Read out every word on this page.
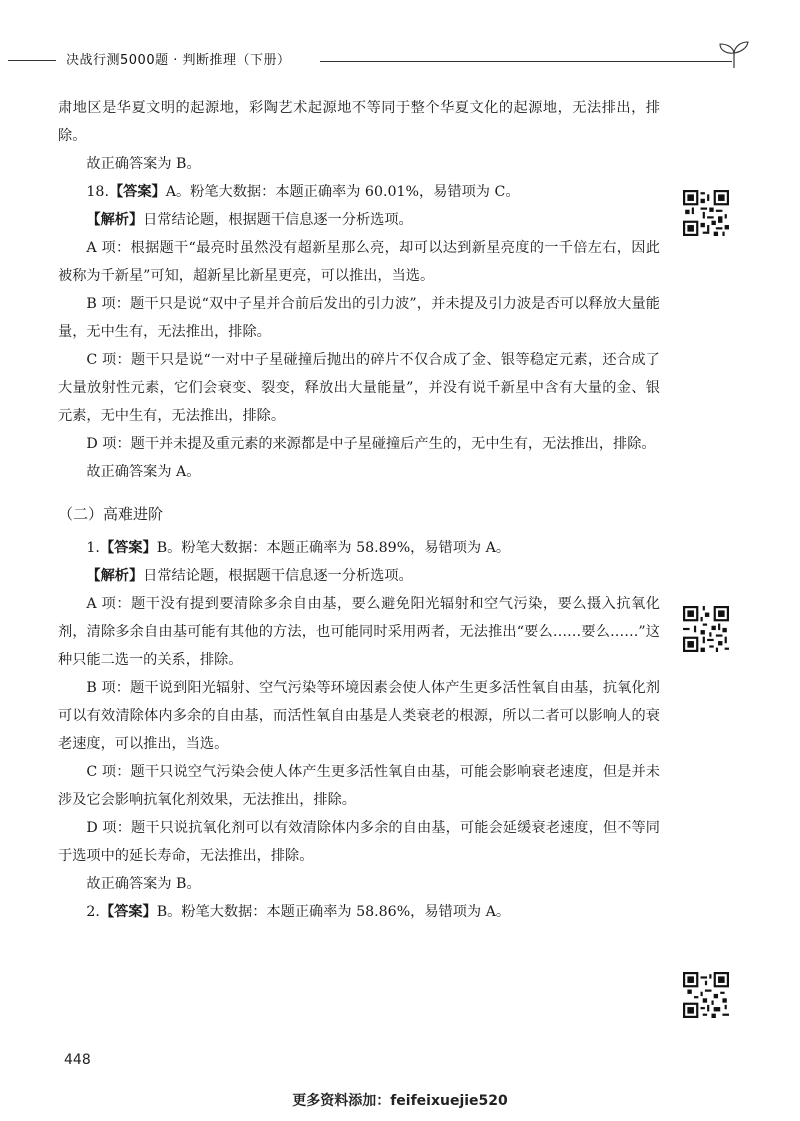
决战行测5000题 · 判断推理（下册）

肃地区是华夏文明的起源地，彩陶艺术起源地不等同于整个华夏文化的起源地，无法排出，排除。

故正确答案为 B。

18.【答案】A。粉笔大数据：本题正确率为 60.01%，易错项为 C。

【解析】日常结论题，根据题干信息逐一分析选项。

A 项：根据题干“最亮时虽然没有超新星那么亮，却可以达到新星亮度的一千倍左右，因此被称为千新星”可知，超新星比新星更亮，可以推出，当选。

B 项：题干只是说“双中子星并合前后发出的引力波”，并未提及引力波是否可以释放大量能量，无中生有，无法推出，排除。

C 项：题干只是说“一对中子星碰撞后抛出的碎片不仅合成了金、银等稳定元素，还合成了大量放射性元素，它们会衰变、裂变，释放出大量能量”，并没有说千新星中含有大量的金、银元素，无中生有，无法推出，排除。

D 项：题干并未提及重元素的来源都是中子星碰撞后产生的，无中生有，无法推出，排除。

故正确答案为 A。

（二）高难进阶

1.【答案】B。粉笔大数据：本题正确率为 58.89%，易错项为 A。

【解析】日常结论题，根据题干信息逐一分析选项。

A 项：题干没有提到要清除多余自由基，要么避免阳光辐射和空气污染，要么摄入抗氧化剂，清除多余自由基可能有其他的方法，也可能同时采用两者，无法推出“要么……要么……”这种只能二选一的关系，排除。

B 项：题干说到阳光辐射、空气污染等环境因素会使人体产生更多活性氧自由基，抗氧化剂可以有效清除体内多余的自由基，而活性氧自由基是人类衰老的根源，所以二者可以影响人的衰老速度，可以推出，当选。

C 项：题干只说空气污染会使人体产生更多活性氧自由基，可能会影响衰老速度，但是并未涉及它会影响抗氧化剂效果，无法推出，排除。

D 项：题干只说抗氧化剂可以有效清除体内多余的自由基，可能会延缓衰老速度，但不等同于选项中的延长寿命，无法推出，排除。

故正确答案为 B。

2.【答案】B。粉笔大数据：本题正确率为 58.86%，易错项为 A。

448
更多资料添加：feifeixuejie520
